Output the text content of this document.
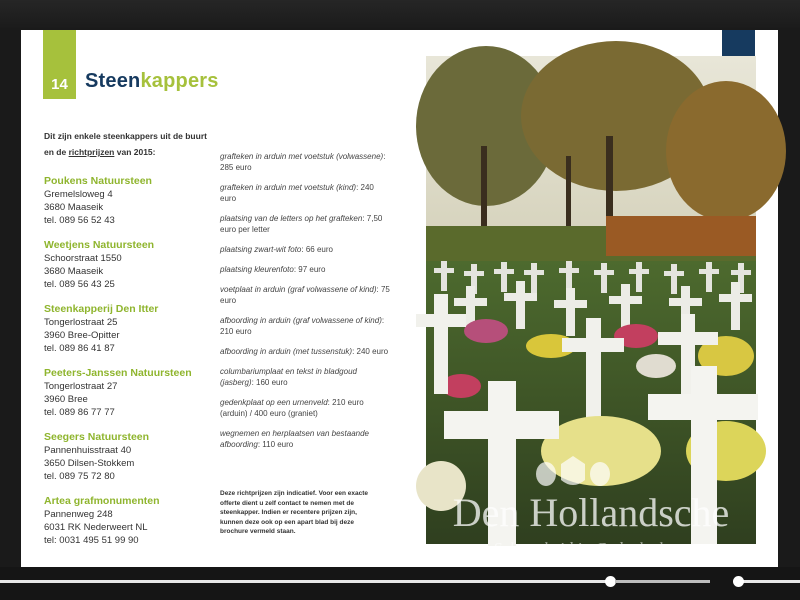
14 Steenkappers
Dit zijn enkele steenkappers uit de buurt en de richtprijzen van 2015:
Poukens Natuursteen
Gremelsloweg 4
3680 Maaseik
tel. 089 56 52 43
Weetjens Natuursteen
Schoorstraat 1550
3680 Maaseik
tel. 089 56 43 25
Steenkapperij Den Itter
Tongerlostraat 25
3960 Bree-Opitter
tel. 089 86 41 87
Peeters-Janssen Natuursteen
Tongerlostraat 27
3960 Bree
tel. 089 86 77 77
Seegers Natuursteen
Pannenhuisstraat 40
3650 Dilsen-Stokkem
tel. 089 75 72 80
Artea grafmonumenten
Pannenweg 248
6031 RK Nederweert NL
tel: 0031 495 51 99 90
grafteken in arduin met voetstuk (volwassene): 285 euro
grafteken in arduin met voetstuk (kind): 240 euro
plaatsing van de letters op het grafteken: 7,50 euro per letter
plaatsing zwart-wit foto: 66 euro
plaatsing kleurenfoto: 97 euro
voetplaat in arduin (graf volwassene of kind): 75 euro
afboording in arduin (graf volwassene of kind): 210 euro
afboording in arduin (met tussenstuk): 240 euro
columbariumplaat en tekst in bladgoud (jasberg): 160 euro
gedenkplaat op een urnenveld: 210 euro (arduin) / 400 euro (graniet)
wegnemen en herplaatsen van bestaande afboording: 110 euro
Deze richtprijzen zijn indicatief. Voor een exacte offerte dient u zelf contact te nemen met de steenkapper. Indien er recentere prijzen zijn, kunnen deze ook op een apart blad bij deze brochure vermeld staan.	Den Hollandsche
Schoonheid in Gedenktekens
